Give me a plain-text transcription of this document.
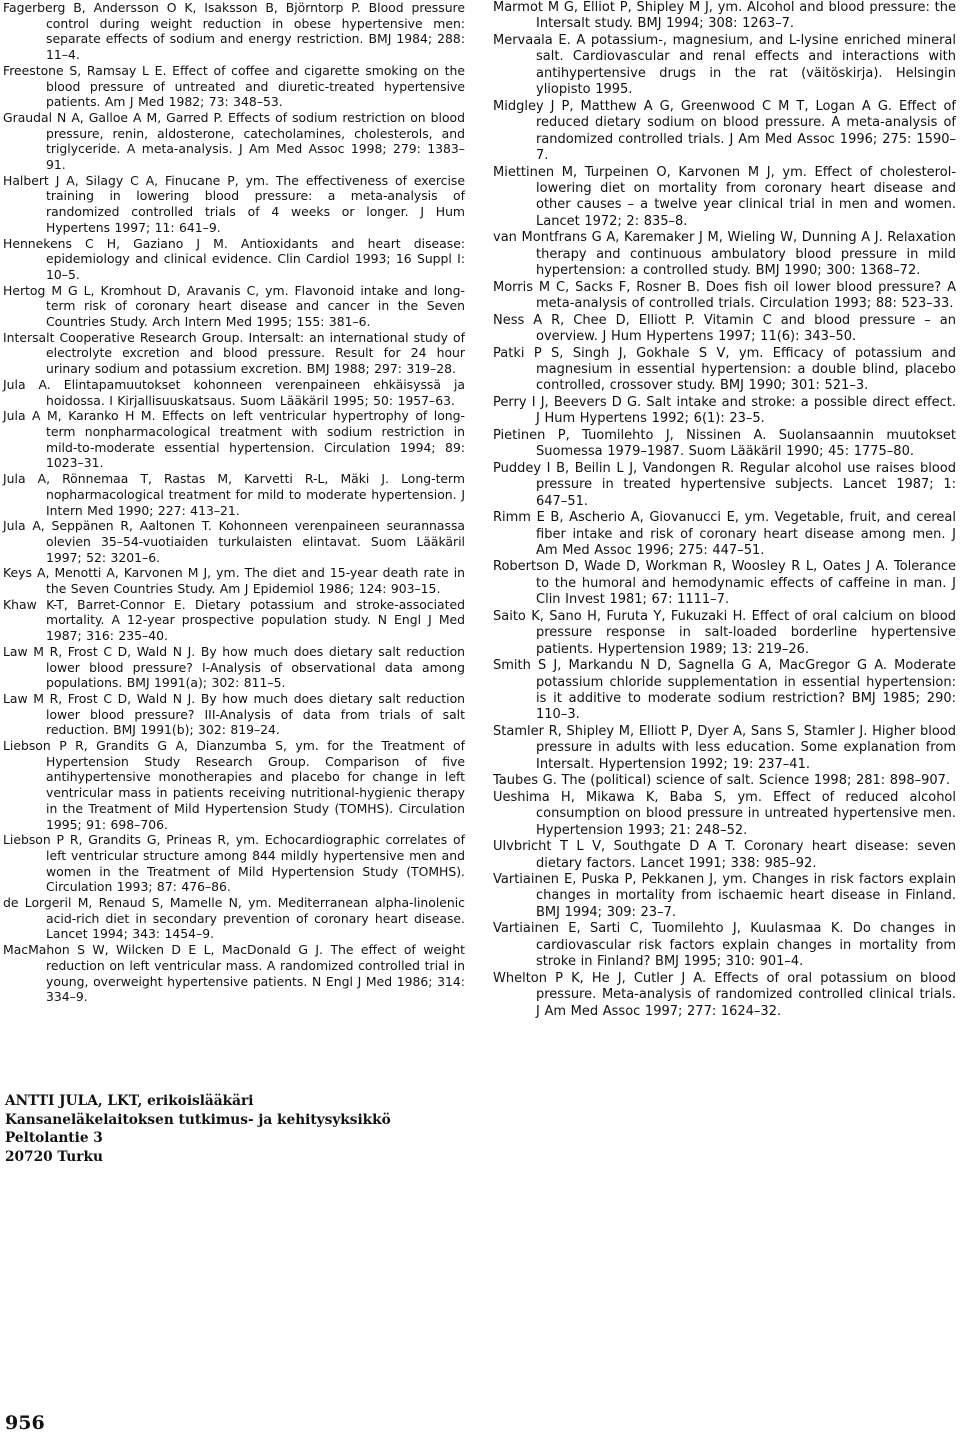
Fagerberg B, Andersson O K, Isaksson B, Björntorp P. Blood pressure control during weight reduction in obese hypertensive men: separate effects of sodium and energy restriction. BMJ 1984; 288: 11–4.

Freestone S, Ramsay L E. Effect of coffee and cigarette smoking on the blood pressure of untreated and diuretic-treated hypertensive patients. Am J Med 1982; 73: 348–53.

Graudal N A, Galloe A M, Garred P. Effects of sodium restriction on blood pressure, renin, aldosterone, catecholamines, cholesterols, and triglyceride. A meta-analysis. J Am Med Assoc 1998; 279: 1383–91.

Halbert J A, Silagy C A, Finucane P, ym. The effectiveness of exercise training in lowering blood pressure: a meta-analysis of randomized controlled trials of 4 weeks or longer. J Hum Hypertens 1997; 11: 641–9.

Hennekens C H, Gaziano J M. Antioxidants and heart disease: epidemiology and clinical evidence. Clin Cardiol 1993; 16 Suppl I: 10–5.

Hertog M G L, Kromhout D, Aravanis C, ym. Flavonoid intake and long-term risk of coronary heart disease and cancer in the Seven Countries Study. Arch Intern Med 1995; 155: 381–6.

Intersalt Cooperative Research Group. Intersalt: an international study of electrolyte excretion and blood pressure. Result for 24 hour urinary sodium and potassium excretion. BMJ 1988; 297: 319–28.

Jula A. Elintapamuutokset kohonneen verenpaineen ehkäisyssä ja hoidossa. I Kirjallisuuskatsaus. Suom Lääkäril 1995; 50: 1957–63.

Jula A M, Karanko H M. Effects on left ventricular hypertrophy of long-term nonpharmacological treatment with sodium restriction in mild-to-moderate essential hypertension. Circulation 1994; 89: 1023–31.

Jula A, Rönnemaa T, Rastas M, Karvetti R-L, Mäki J. Long-term nopharmacological treatment for mild to moderate hypertension. J Intern Med 1990; 227: 413–21.

Jula A, Seppänen R, Aaltonen T. Kohonneen verenpaineen seurannassa olevien 35–54-vuotiaiden turkulaisten elintavat. Suom Lääkäril 1997; 52: 3201–6.

Keys A, Menotti A, Karvonen M J, ym. The diet and 15-year death rate in the Seven Countries Study. Am J Epidemiol 1986; 124: 903–15.

Khaw K-T, Barret-Connor E. Dietary potassium and stroke-associated mortality. A 12-year prospective population study. N Engl J Med 1987; 316: 235–40.

Law M R, Frost C D, Wald N J. By how much does dietary salt reduction lower blood pressure? I-Analysis of observational data among populations. BMJ 1991(a); 302: 811–5.

Law M R, Frost C D, Wald N J. By how much does dietary salt reduction lower blood pressure? III-Analysis of data from trials of salt reduction. BMJ 1991(b); 302: 819–24.

Liebson P R, Grandits G A, Dianzumba S, ym. for the Treatment of Hypertension Study Research Group. Comparison of five antihypertensive monotherapies and placebo for change in left ventricular mass in patients receiving nutritional-hygienic therapy in the Treatment of Mild Hypertension Study (TOMHS). Circulation 1995; 91: 698–706.

Liebson P R, Grandits G, Prineas R, ym. Echocardiographic correlates of left ventricular structure among 844 mildly hypertensive men and women in the Treatment of Mild Hypertension Study (TOMHS). Circulation 1993; 87: 476–86.

de Lorgeril M, Renaud S, Mamelle N, ym. Mediterranean alpha-linolenic acid-rich diet in secondary prevention of coronary heart disease. Lancet 1994; 343: 1454–9.

MacMahon S W, Wilcken D E L, MacDonald G J. The effect of weight reduction on left ventricular mass. A randomized controlled trial in young, overweight hypertensive patients. N Engl J Med 1986; 314: 334–9.

Marmot M G, Elliot P, Shipley M J, ym. Alcohol and blood pressure: the Intersalt study. BMJ 1994; 308: 1263–7.

Mervaala E. A potassium-, magnesium, and L-lysine enriched mineral salt. Cardiovascular and renal effects and interactions with antihypertensive drugs in the rat (väitöskirja). Helsingin yliopisto 1995.

Midgley J P, Matthew A G, Greenwood C M T, Logan A G. Effect of reduced dietary sodium on blood pressure. A meta-analysis of randomized controlled trials. J Am Med Assoc 1996; 275: 1590–7.

Miettinen M, Turpeinen O, Karvonen M J, ym. Effect of cholesterol-lowering diet on mortality from coronary heart disease and other causes – a twelve year clinical trial in men and women. Lancet 1972; 2: 835–8.

van Montfrans G A, Karemaker J M, Wieling W, Dunning A J. Relaxation therapy and continuous ambulatory blood pressure in mild hypertension: a controlled study. BMJ 1990; 300: 1368–72.

Morris M C, Sacks F, Rosner B. Does fish oil lower blood pressure? A meta-analysis of controlled trials. Circulation 1993; 88: 523–33.

Ness A R, Chee D, Elliott P. Vitamin C and blood pressure – an overview. J Hum Hypertens 1997; 11(6): 343–50.

Patki P S, Singh J, Gokhale S V, ym. Efficacy of potassium and magnesium in essential hypertension: a double blind, placebo controlled, crossover study. BMJ 1990; 301: 521–3.

Perry I J, Beevers D G. Salt intake and stroke: a possible direct effect. J Hum Hypertens 1992; 6(1): 23–5.

Pietinen P, Tuomilehto J, Nissinen A. Suolansaannin muutokset Suomessa 1979–1987. Suom Lääkäril 1990; 45: 1775–80.

Puddey I B, Beilin L J, Vandongen R. Regular alcohol use raises blood pressure in treated hypertensive subjects. Lancet 1987; 1: 647–51.

Rimm E B, Ascherio A, Giovanucci E, ym. Vegetable, fruit, and cereal fiber intake and risk of coronary heart disease among men. J Am Med Assoc 1996; 275: 447–51.

Robertson D, Wade D, Workman R, Woosley R L, Oates J A. Tolerance to the humoral and hemodynamic effects of caffeine in man. J Clin Invest 1981; 67: 1111–7.

Saito K, Sano H, Furuta Y, Fukuzaki H. Effect of oral calcium on blood pressure response in salt-loaded borderline hypertensive patients. Hypertension 1989; 13: 219–26.

Smith S J, Markandu N D, Sagnella G A, MacGregor G A. Moderate potassium chloride supplementation in essential hypertension: is it additive to moderate sodium restriction? BMJ 1985; 290: 110–3.

Stamler R, Shipley M, Elliott P, Dyer A, Sans S, Stamler J. Higher blood pressure in adults with less education. Some explanation from Intersalt. Hypertension 1992; 19: 237–41.

Taubes G. The (political) science of salt. Science 1998; 281: 898–907.

Ueshima H, Mikawa K, Baba S, ym. Effect of reduced alcohol consumption on blood pressure in untreated hypertensive men. Hypertension 1993; 21: 248–52.

Ulvbricht T L V, Southgate D A T. Coronary heart disease: seven dietary factors. Lancet 1991; 338: 985–92.

Vartiainen E, Puska P, Pekkanen J, ym. Changes in risk factors explain changes in mortality from ischaemic heart disease in Finland. BMJ 1994; 309: 23–7.

Vartiainen E, Sarti C, Tuomilehto J, Kuulasmaa K. Do changes in cardiovascular risk factors explain changes in mortality from stroke in Finland? BMJ 1995; 310: 901–4.

Whelton P K, He J, Cutler J A. Effects of oral potassium on blood pressure. Meta-analysis of randomized controlled clinical trials. J Am Med Assoc 1997; 277: 1624–32.

ANTTI JULA, LKT, erikoislääkäri
Kansaneläkelaitoksen tutkimus- ja kehitysyksikkö
Peltolantie 3
20720 Turku
956
